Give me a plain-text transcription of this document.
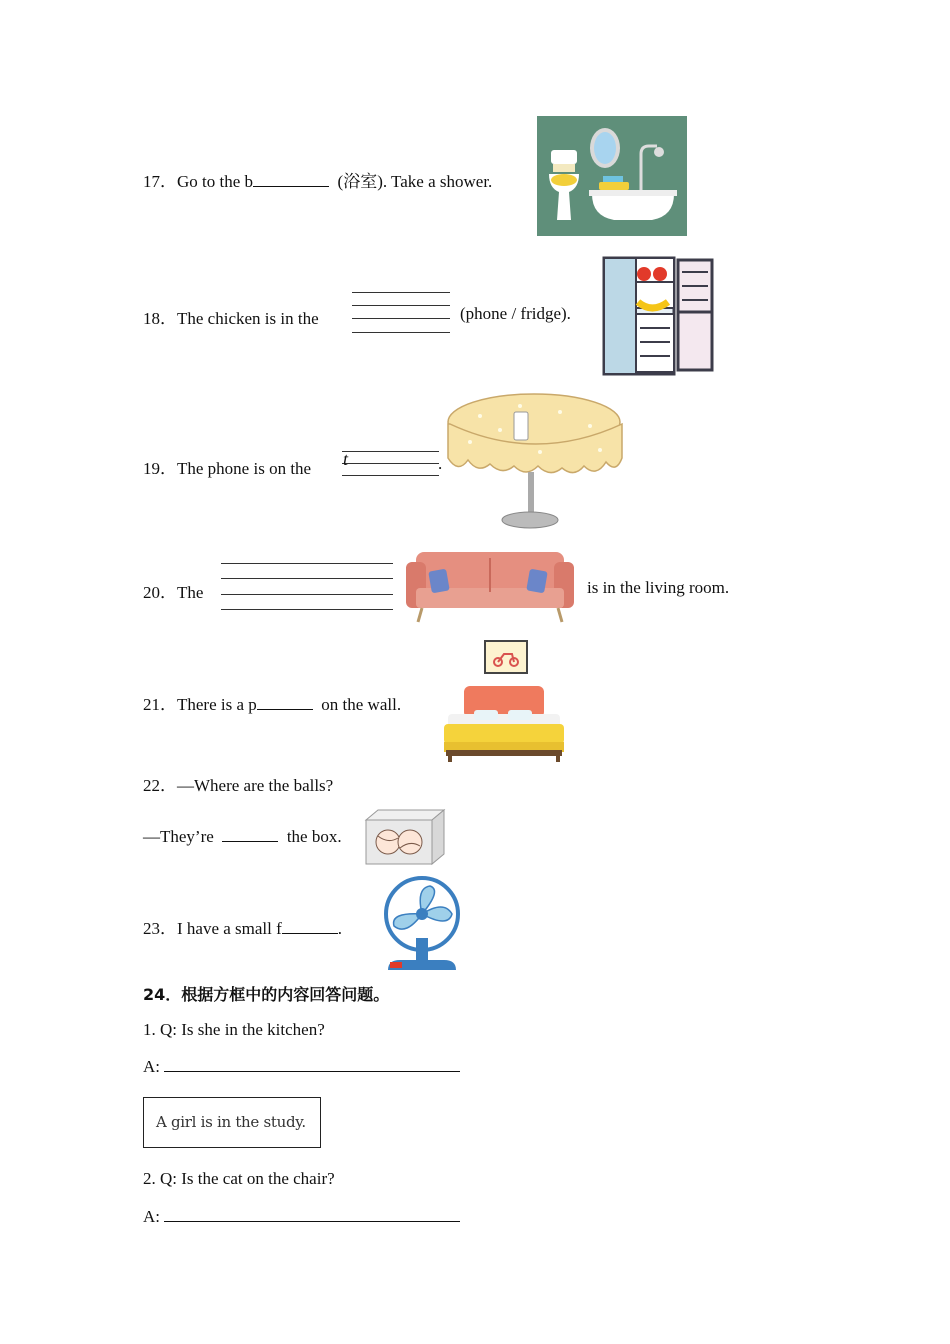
17．Go to the b	(浴室). Take a shower.
18．The chicken is in the	(phone / fridge).
19．The phone is on the t	.
20．The	is in the living room.
21．There is a p	on the wall.
22．—Where are the balls?
—They’re	the box.
23．I have a small f	.
24．根据方框中的内容回答问题。
1. Q: Is she in the kitchen?
A:
A girl is in the study.
2. Q: Is the cat on the chair?
A:
